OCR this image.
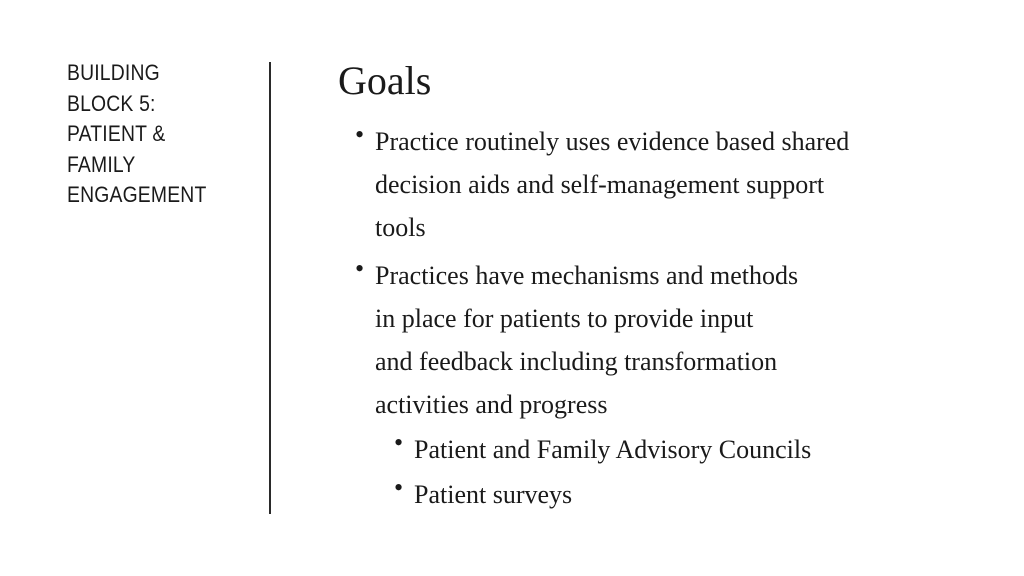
BUILDING
BLOCK 5:
PATIENT &
FAMILY
ENGAGEMENT
Goals
• Practice routinely uses evidence based shared
decision aids and self-management support
tools
• Practices have mechanisms and methods
in place for patients to provide input
and feedback including transformation
activities and progress
• Patient and Family Advisory Councils
• Patient surveys
